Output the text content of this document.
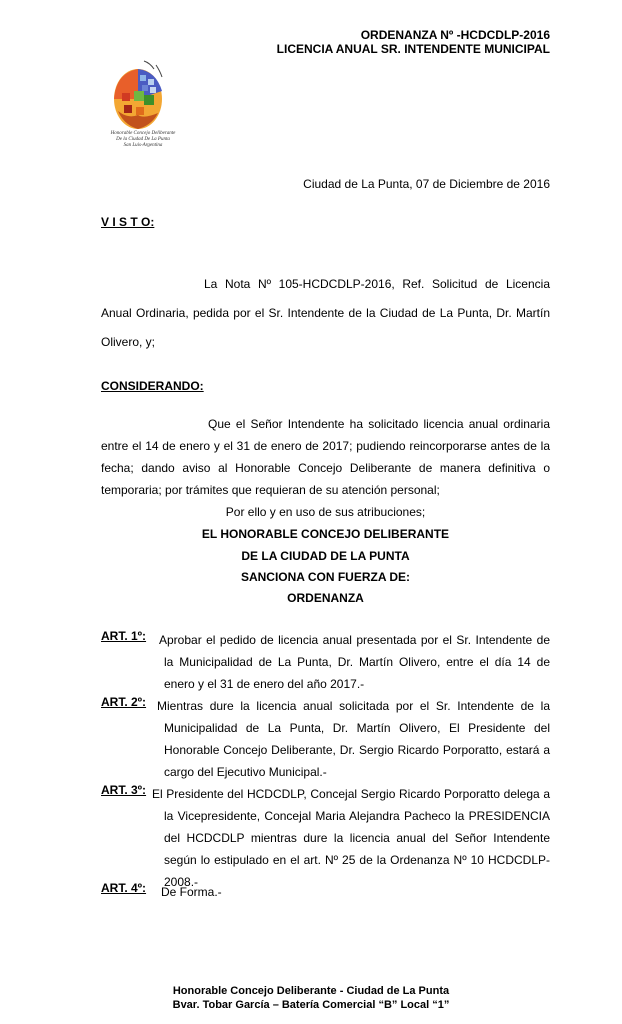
ORDENANZA Nº -HCDCDLP-2016
LICENCIA ANUAL SR. INTENDENTE MUNICIPAL
Honorable Concejo Deliberante
De la Ciudad De La Punta
San Luis-Argentina
Ciudad de La Punta, 07 de Diciembre de 2016
V I S T O:
La Nota Nº 105-HCDCDLP-2016, Ref. Solicitud de Licencia Anual Ordinaria, pedida por el Sr. Intendente de la Ciudad de La Punta, Dr. Martín Olivero, y;
CONSIDERANDO:
Que el Señor Intendente ha solicitado licencia anual ordinaria entre el 14 de enero y el 31 de enero de 2017; pudiendo reincorporarse antes de la fecha; dando aviso al Honorable Concejo Deliberante de manera definitiva o temporaria; por trámites que requieran de su atención personal;
Por ello y en uso de sus atribuciones;
EL HONORABLE CONCEJO DELIBERANTE
DE LA CIUDAD DE LA PUNTA
SANCIONA CON FUERZA DE:
ORDENANZA
ART. 1º: Aprobar el pedido de licencia anual presentada por el Sr. Intendente de la Municipalidad de La Punta, Dr. Martín Olivero, entre el día 14 de enero y el 31 de enero del año 2017.-
ART. 2º: Mientras dure la licencia anual solicitada por el Sr. Intendente de la Municipalidad de La Punta, Dr. Martín Olivero, El Presidente del Honorable Concejo Deliberante, Dr. Sergio Ricardo Porporatto, estará a cargo del Ejecutivo Municipal.-
ART. 3º: El Presidente del HCDCDLP, Concejal Sergio Ricardo Porporatto delega a la Vicepresidente, Concejal Maria Alejandra Pacheco la PRESIDENCIA del HCDCDLP mientras dure la licencia anual del Señor Intendente según lo estipulado en el art. Nº 25 de la Ordenanza Nº 10 HCDCDLP-2008.-
ART. 4º: De Forma.-
Honorable Concejo Deliberante - Ciudad de La Punta
Bvar. Tobar García – Batería Comercial “B” Local “1”
